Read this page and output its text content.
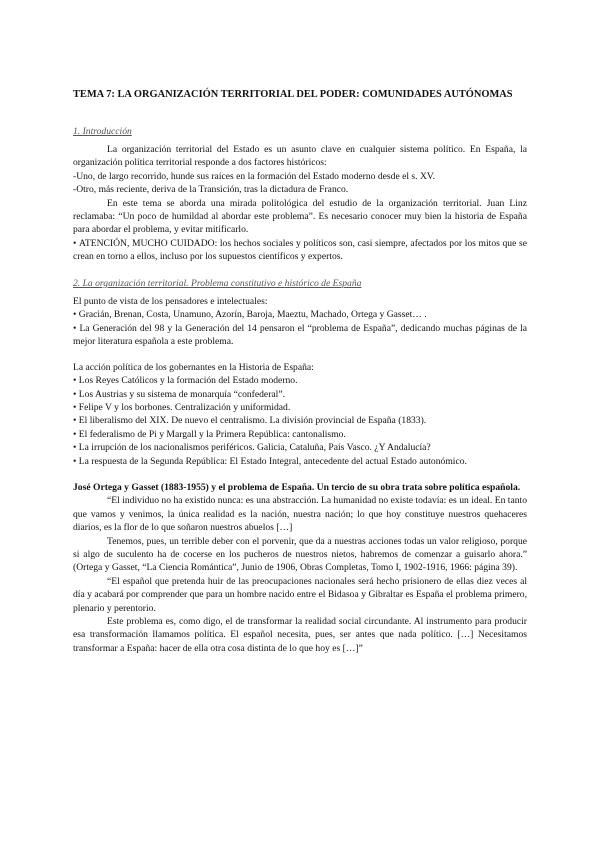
TEMA 7: LA ORGANIZACIÓN TERRITORIAL DEL PODER: COMUNIDADES AUTÓNOMAS

1. Introducción

La organización territorial del Estado es un asunto clave en cualquier sistema político. En España, la organización política territorial responde a dos factores históricos:

-Uno, de largo recorrido, hunde sus raíces en la formación del Estado moderno desde el s. XV.

-Otro, más reciente, deriva de la Transición, tras la dictadura de Franco.

En este tema se aborda una mirada politológica del estudio de la organización territorial. Juan Linz reclamaba: “Un poco de humildad al abordar este problema”. Es necesario conocer muy bien la historia de España para abordar el problema, y evitar mitificarlo.

• ATENCIÓN, MUCHO CUIDADO: los hechos sociales y políticos son, casi siempre, afectados por los mitos que se crean en torno a ellos, incluso por los supuestos científicos y expertos.

2. La organización territorial. Problema constitutivo e histórico de España

El punto de vista de los pensadores e intelectuales:

• Gracián, Brenan, Costa, Unamuno, Azorín, Baroja, Maeztu, Machado, Ortega y Gasset… .

• La Generación del 98 y la Generación del 14 pensaron el “problema de España”, dedicando muchas páginas de la mejor literatura española a este problema.

La acción política de los gobernantes en la Historia de España:

• Los Reyes Católicos y la formación del Estado moderno.

• Los Austrias y su sistema de monarquía “confederal”.

• Felipe V y los borbones. Centralización y uniformidad.

• El liberalismo del XIX. De nuevo el centralismo. La división provincial de España (1833).

• El federalismo de Pi y Margall y la Primera República: cantonalismo.

• La irrupción de los nacionalismos periféricos. Galicia, Cataluña, País Vasco. ¿Y Andalucía?

• La respuesta de la Segunda República: El Estado Integral, antecedente del actual Estado autonómico.

José Ortega y Gasset (1883-1955) y el problema de España. Un tercio de su obra trata sobre política española.

“El individuo no ha existido nunca: es una abstracción. La humanidad no existe todavía: es un ideal. En tanto que vamos y venimos, la única realidad es la nación, nuestra nación; lo que hoy constituye nuestros quehaceres diarios, es la flor de lo que soñaron nuestros abuelos […]

Tenemos, pues, un terrible deber con el porvenir, que da a nuestras acciones todas un valor religioso, porque si algo de suculento ha de cocerse en los pucheros de nuestros nietos, habremos de comenzar a guisarlo ahora.” (Ortega y Gasset, “La Ciencia Romántica”, Junio de 1906, Obras Completas, Tomo I, 1902-1916, 1966: página 39).

“El español que pretenda huir de las preocupaciones nacionales será hecho prisionero de ellas diez veces al día y acabará por comprender que para un hombre nacido entre el Bidasoa y Gibraltar es España el problema primero, plenario y perentorio.

Este problema es, como digo, el de transformar la realidad social circundante. Al instrumento para producir esa transformación llamamos política. El español necesita, pues, ser antes que nada político. […] Necesitamos transformar a España: hacer de ella otra cosa distinta de lo que hoy es […]”
